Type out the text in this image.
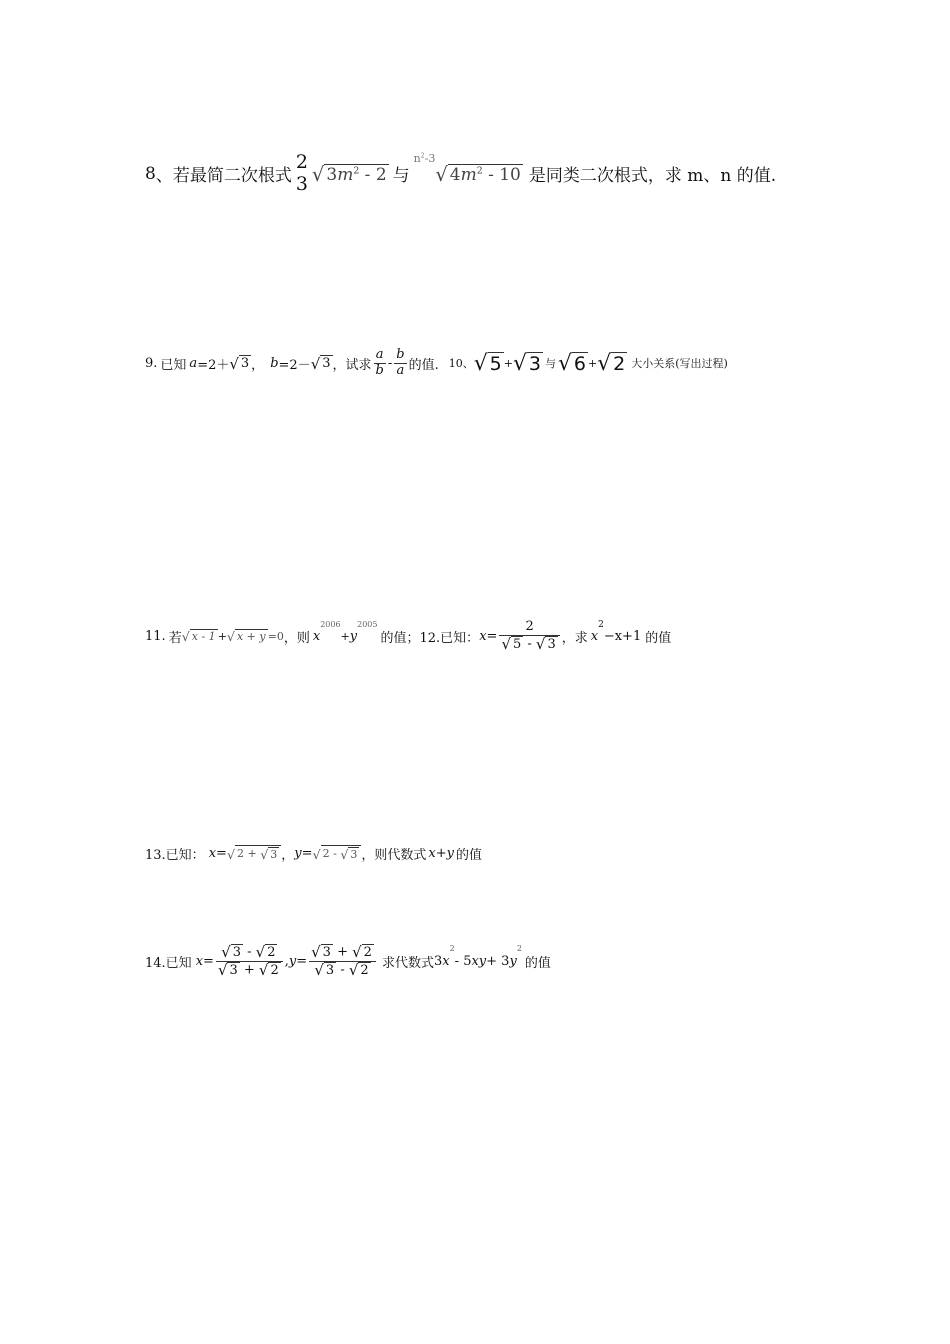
8 、若最简二次根式
2
3 √ $3m^2 - 2$ 与
$n^2-3$
√ $4m^2 - 10$ 是同类二次根式，求 m、n 的值.
9. 已知 a =2＋ √ 3 ， b =2－ √ 3 ，试求 $\frac{a}{b} - \frac{b}{a}$ 的值. 10、 √ 5 + √ 3 与 √ 6 + √ 2 大小关系(写出过程)
11. 若 √ x - 1 + √ x + y =0 ，则 x
2006
+ y
2005
的值； 12.已知： $x = \frac{2}{√ 5 - √ 3}$ ，求 x
2
−x+1 的值
13.已知： x = √ 2 + √ 3 ， y = √ 2 - √ 3 ，则代数式 x+y 的值
14.已知 $x = \frac{√ 3 - √ 2}{√ 3 + √ 2}$ , $y = \frac{√ 3 + √ 2}{√ 3 - √ 2}$ 求代数式 3 x
2
- 5 xy + 3 y
2
的值
